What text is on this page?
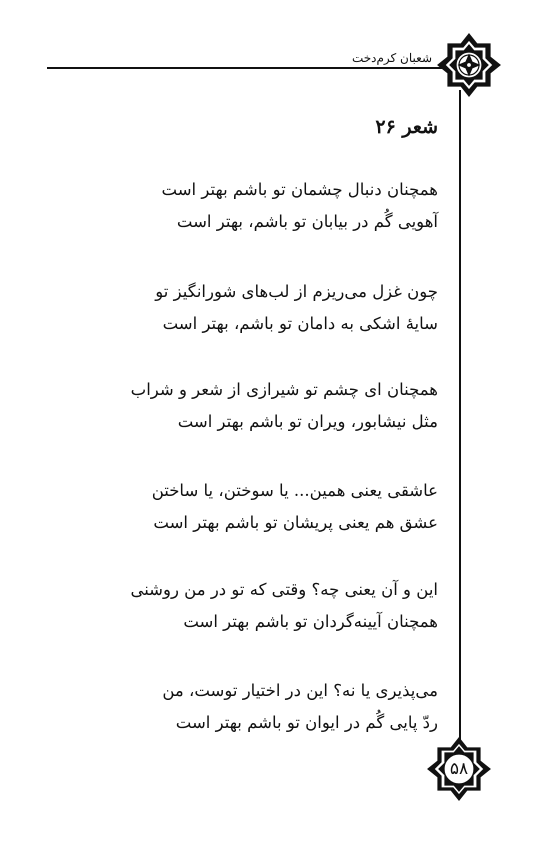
شعبان کرم‌دخت
شعر ۲۶
همچنان دنبال چشمان تو باشم بهتر است
آهویی گُم در بیابان تو باشم، بهتر است
چون غزل می‌ریزم از لب‌های شورانگیز تو
سایهٔ اشکی به دامان تو باشم، بهتر است
همچنان ای چشم تو شیرازی از شعر و شراب
مثل نیشابور، ویران تو باشم بهتر است
عاشقی یعنی همین... یا سوختن، یا ساختن
عشق هم یعنی پریشان تو باشم بهتر است
این و آن یعنی چه؟ وقتی که تو در من روشنی
همچنان آیینه‌گردان تو باشم بهتر است
می‌پذیری یا نه؟ این در اختیار توست، من
ردّ پایی گُم در ایوان تو باشم بهتر است
۵۸
